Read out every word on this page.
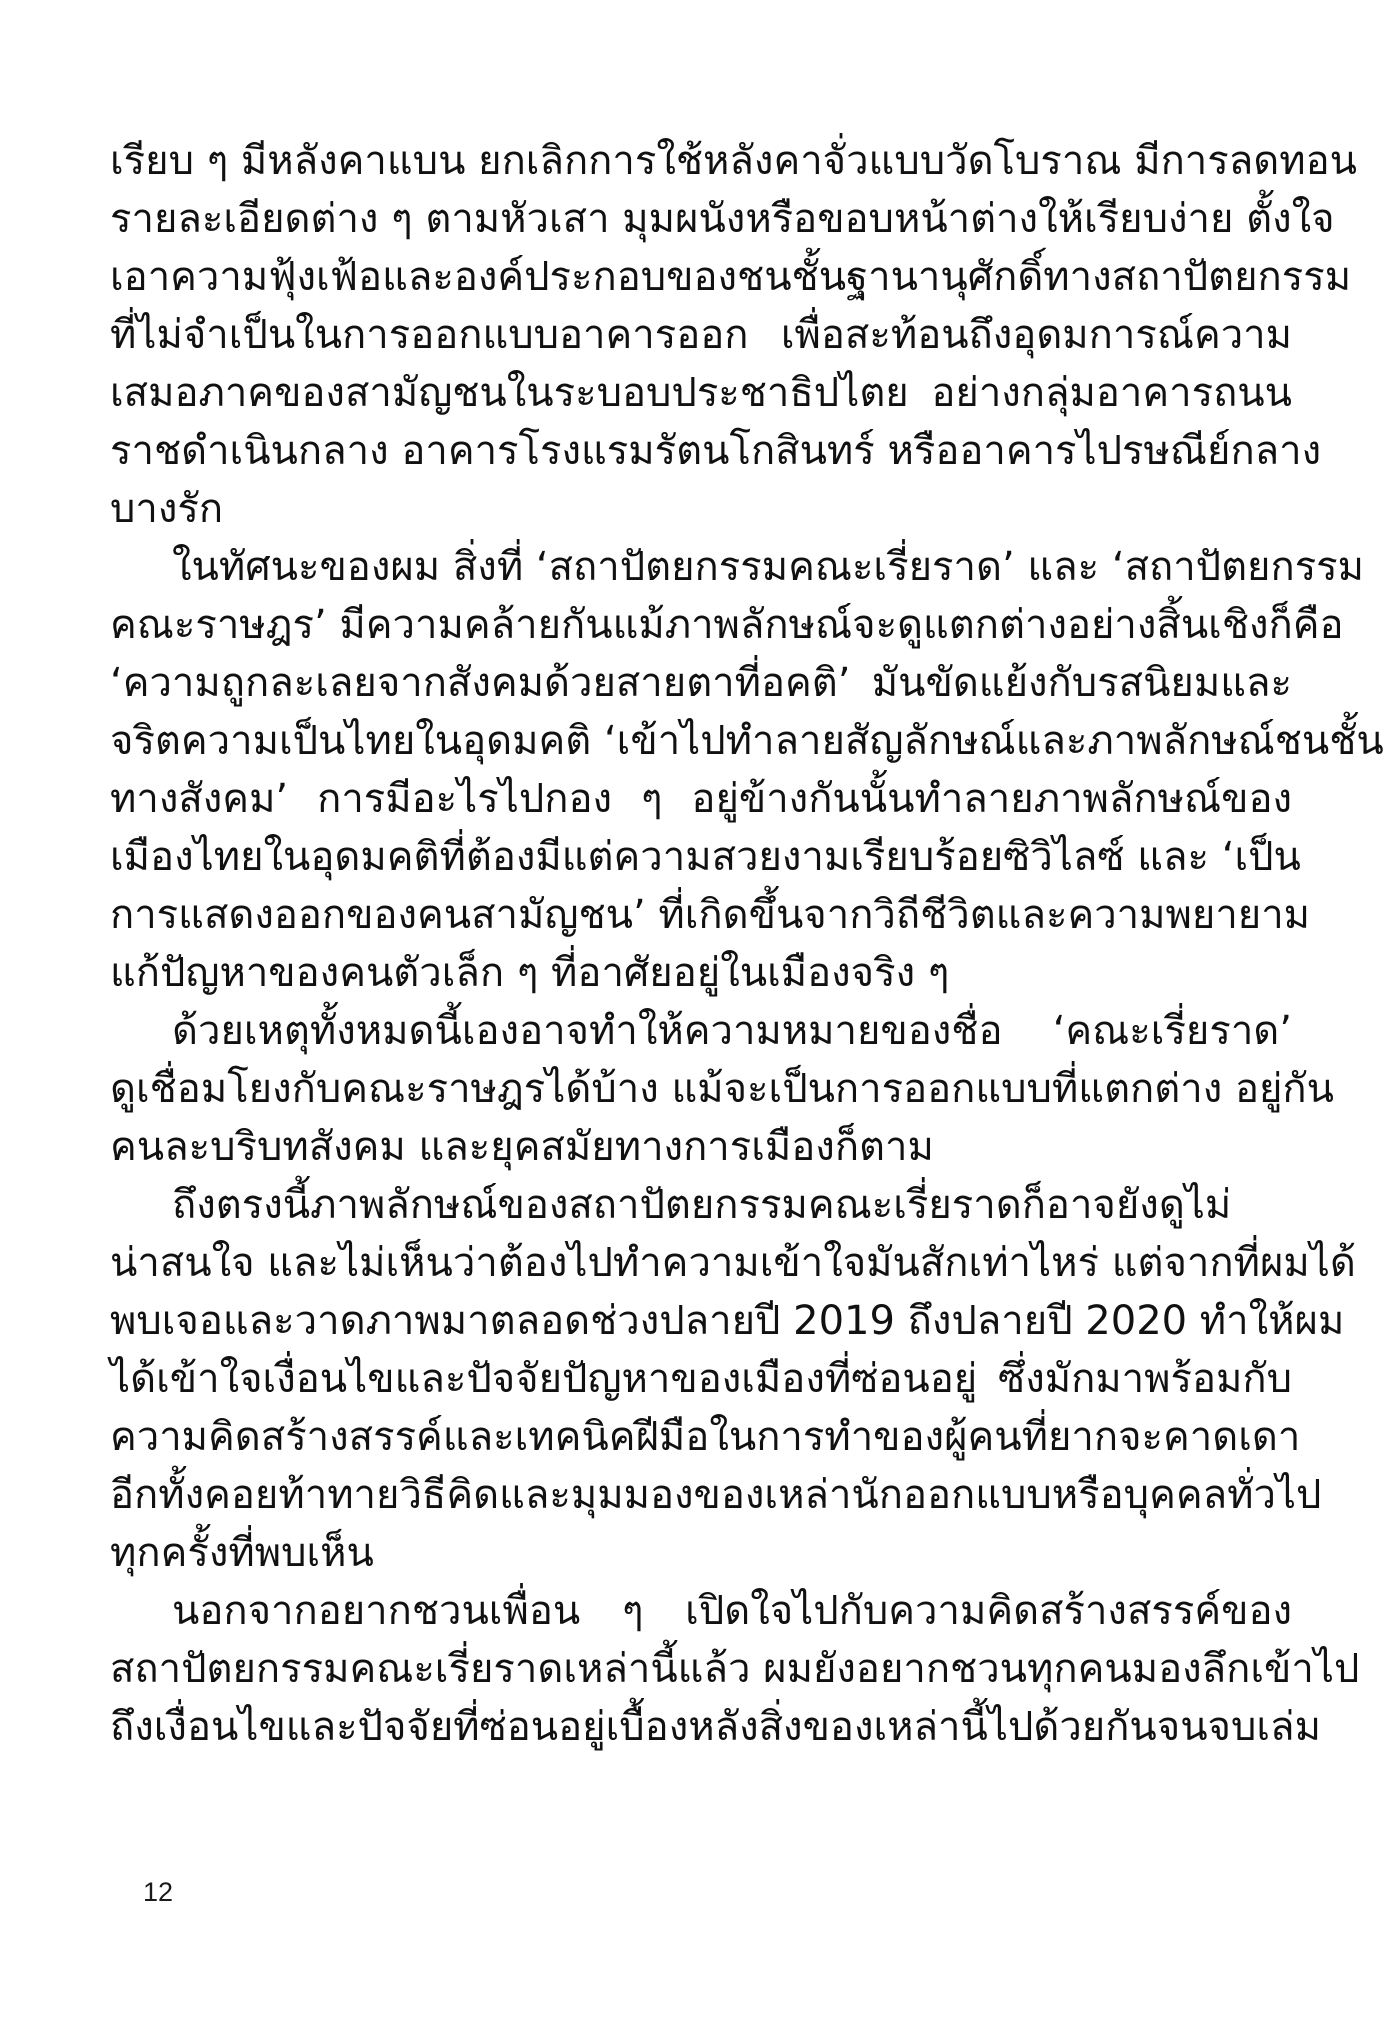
เรียบ ๆ มีหลังคาแบน ยกเลิกการใช้หลังคาจั่วแบบวัดโบราณ มีการลดทอน
รายละเอียดต่าง ๆ ตามหัวเสา มุมผนังหรือขอบหน้าต่างให้เรียบง่าย ตั้งใจ
เอาความฟุ้งเฟ้อและองค์ประกอบของชนชั้นฐานานุศักดิ์ทางสถาปัตยกรรม
ที่ไม่จำเป็นในการออกแบบอาคารออก เพื่อสะท้อนถึงอุดมการณ์ความ
เสมอภาคของสามัญชนในระบอบประชาธิปไตย อย่างกลุ่มอาคารถนน
ราชดำเนินกลาง อาคารโรงแรมรัตนโกสินทร์ หรืออาคารไปรษณีย์กลาง
บางรัก
ในทัศนะของผม สิ่งที่ ‘สถาปัตยกรรมคณะเรี่ยราด’ และ ‘สถาปัตยกรรม
คณะราษฎร’ มีความคล้ายกันแม้ภาพลักษณ์จะดูแตกต่างอย่างสิ้นเชิงก็คือ
‘ความถูกละเลยจากสังคมด้วยสายตาที่อคติ’ มันขัดแย้งกับรสนิยมและ
จริตความเป็นไทยในอุดมคติ ‘เข้าไปทำลายสัญลักษณ์และภาพลักษณ์ชนชั้น
ทางสังคม’ การมีอะไรไปกอง ๆ อยู่ข้างกันนั้นทำลายภาพลักษณ์ของ
เมืองไทยในอุดมคติที่ต้องมีแต่ความสวยงามเรียบร้อยซิวิไลซ์ และ ‘เป็น
การแสดงออกของคนสามัญชน’ ที่เกิดขึ้นจากวิถีชีวิตและความพยายาม
แก้ปัญหาของคนตัวเล็ก ๆ ที่อาศัยอยู่ในเมืองจริง ๆ
ด้วยเหตุทั้งหมดนี้เองอาจทำให้ความหมายของชื่อ ‘คณะเรี่ยราด’
ดูเชื่อมโยงกับคณะราษฎรได้บ้าง แม้จะเป็นการออกแบบที่แตกต่าง อยู่กัน
คนละบริบทสังคม และยุคสมัยทางการเมืองก็ตาม
ถึงตรงนี้ภาพลักษณ์ของสถาปัตยกรรมคณะเรี่ยราดก็อาจยังดูไม่
น่าสนใจ และไม่เห็นว่าต้องไปทำความเข้าใจมันสักเท่าไหร่ แต่จากที่ผมได้
พบเจอและวาดภาพมาตลอดช่วงปลายปี 2019 ถึงปลายปี 2020 ทำให้ผม
ได้เข้าใจเงื่อนไขและปัจจัยปัญหาของเมืองที่ซ่อนอยู่ ซึ่งมักมาพร้อมกับ
ความคิดสร้างสรรค์และเทคนิคฝีมือในการทำของผู้คนที่ยากจะคาดเดา
อีกทั้งคอยท้าทายวิธีคิดและมุมมองของเหล่านักออกแบบหรือบุคคลทั่วไป
ทุกครั้งที่พบเห็น
นอกจากอยากชวนเพื่อน ๆ เปิดใจไปกับความคิดสร้างสรรค์ของ
สถาปัตยกรรมคณะเรี่ยราดเหล่านี้แล้ว ผมยังอยากชวนทุกคนมองลึกเข้าไป
ถึงเงื่อนไขและปัจจัยที่ซ่อนอยู่เบื้องหลังสิ่งของเหล่านี้ไปด้วยกันจนจบเล่ม
12
